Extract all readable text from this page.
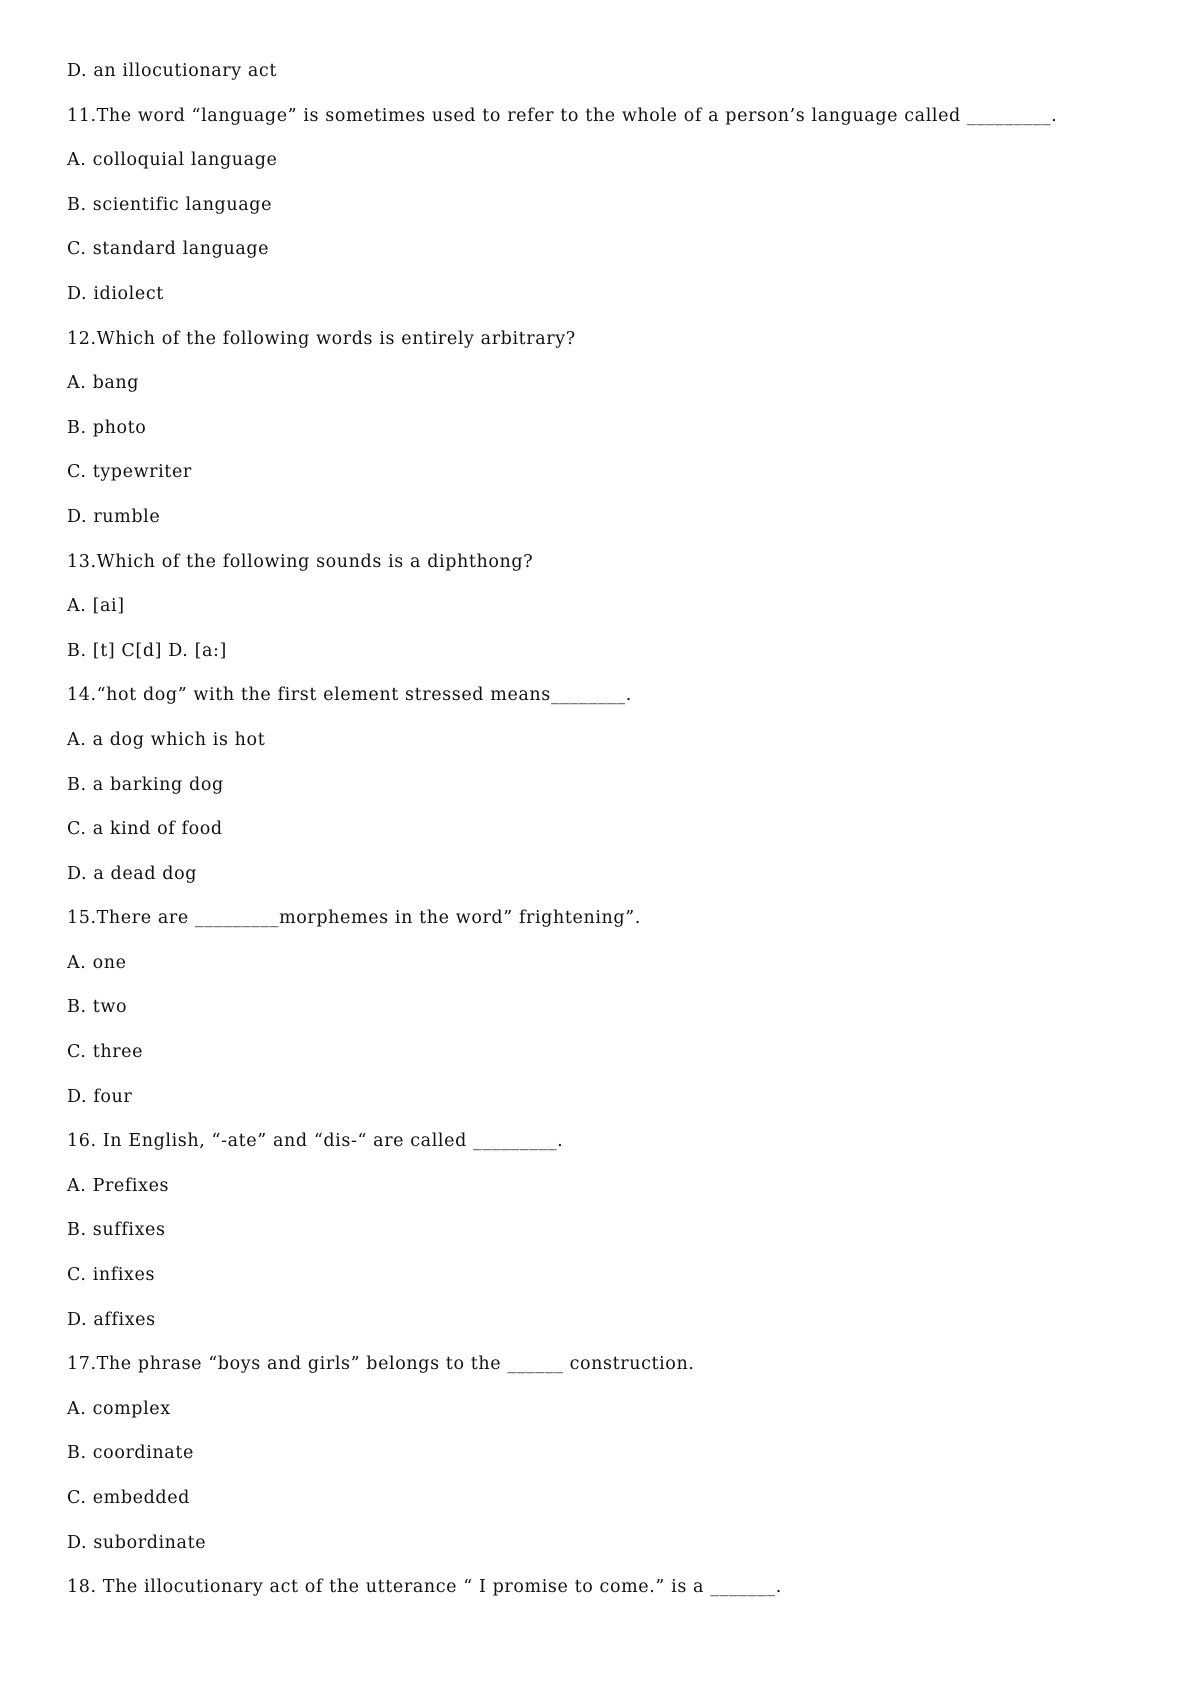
D. an illocutionary act
11.The word “language” is sometimes used to refer to the whole of a person’s language called _________.
A. colloquial language
B. scientific language
C. standard language
D. idiolect
12.Which of the following words is entirely arbitrary?
A. bang
B. photo
C. typewriter
D. rumble
13.Which of the following sounds is a diphthong?
A. [ai]
B. [t] C[d] D. [a:]
14.“hot dog” with the first element stressed means________.
A. a dog which is hot
B. a barking dog
C. a kind of food
D. a dead dog
15.There are _________morphemes in the word” frightening”.
A. one
B. two
C. three
D. four
16. In English, “-ate” and “dis-“ are called _________.
A. Prefixes
B. suffixes
C. infixes
D. affixes
17.The phrase “boys and girls” belongs to the ______ construction.
A. complex
B. coordinate
C. embedded
D. subordinate
18. The illocutionary act of the utterance “ I promise to come.” is a _______.
